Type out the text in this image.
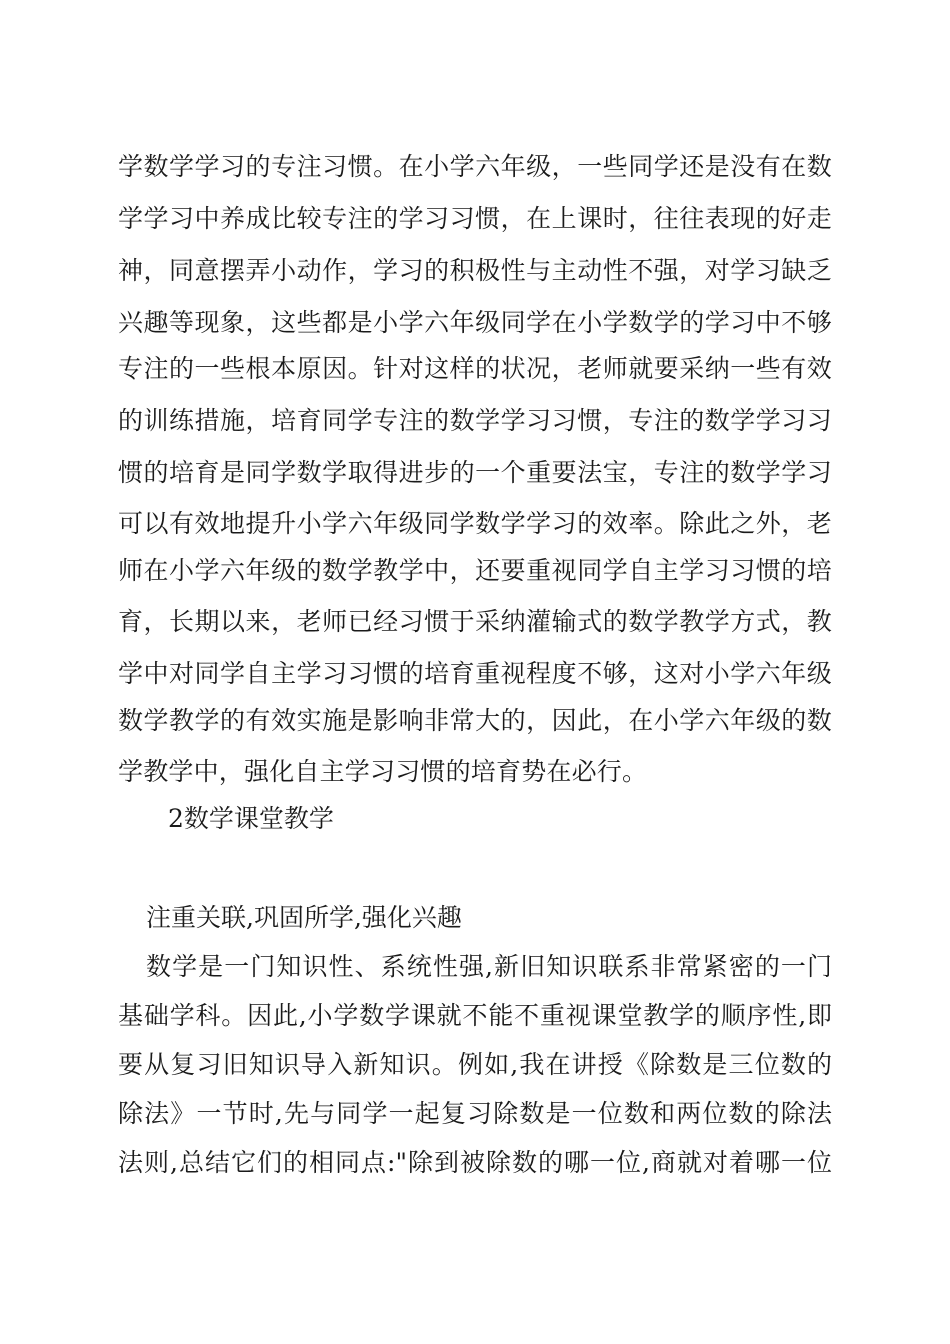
学数学学习的专注习惯。在小学六年级，一些同学还是没有在数
学学习中养成比较专注的学习习惯，在上课时，往往表现的好走
神，同意摆弄小动作，学习的积极性与主动性不强，对学习缺乏
兴趣等现象，这些都是小学六年级同学在小学数学的学习中不够
专注的一些根本原因。针对这样的状况，老师就要采纳一些有效
的训练措施，培育同学专注的数学学习习惯，专注的数学学习习
惯的培育是同学数学取得进步的一个重要法宝，专注的数学学习
可以有效地提升小学六年级同学数学学习的效率。除此之外，老
师在小学六年级的数学教学中，还要重视同学自主学习习惯的培
育，长期以来，老师已经习惯于采纳灌输式的数学教学方式，教
学中对同学自主学习习惯的培育重视程度不够，这对小学六年级
数学教学的有效实施是影响非常大的，因此，在小学六年级的数
学教学中，强化自主学习习惯的培育势在必行。
2数学课堂教学
注重关联,巩固所学,强化兴趣
数学是一门知识性、系统性强,新旧知识联系非常紧密的一门
基础学科。因此,小学数学课就不能不重视课堂教学的顺序性,即
要从复习旧知识导入新知识。例如,我在讲授《除数是三位数的
除法》一节时,先与同学一起复习除数是一位数和两位数的除法
法则,总结它们的相同点:"除到被除数的哪一位,商就对着哪一位
